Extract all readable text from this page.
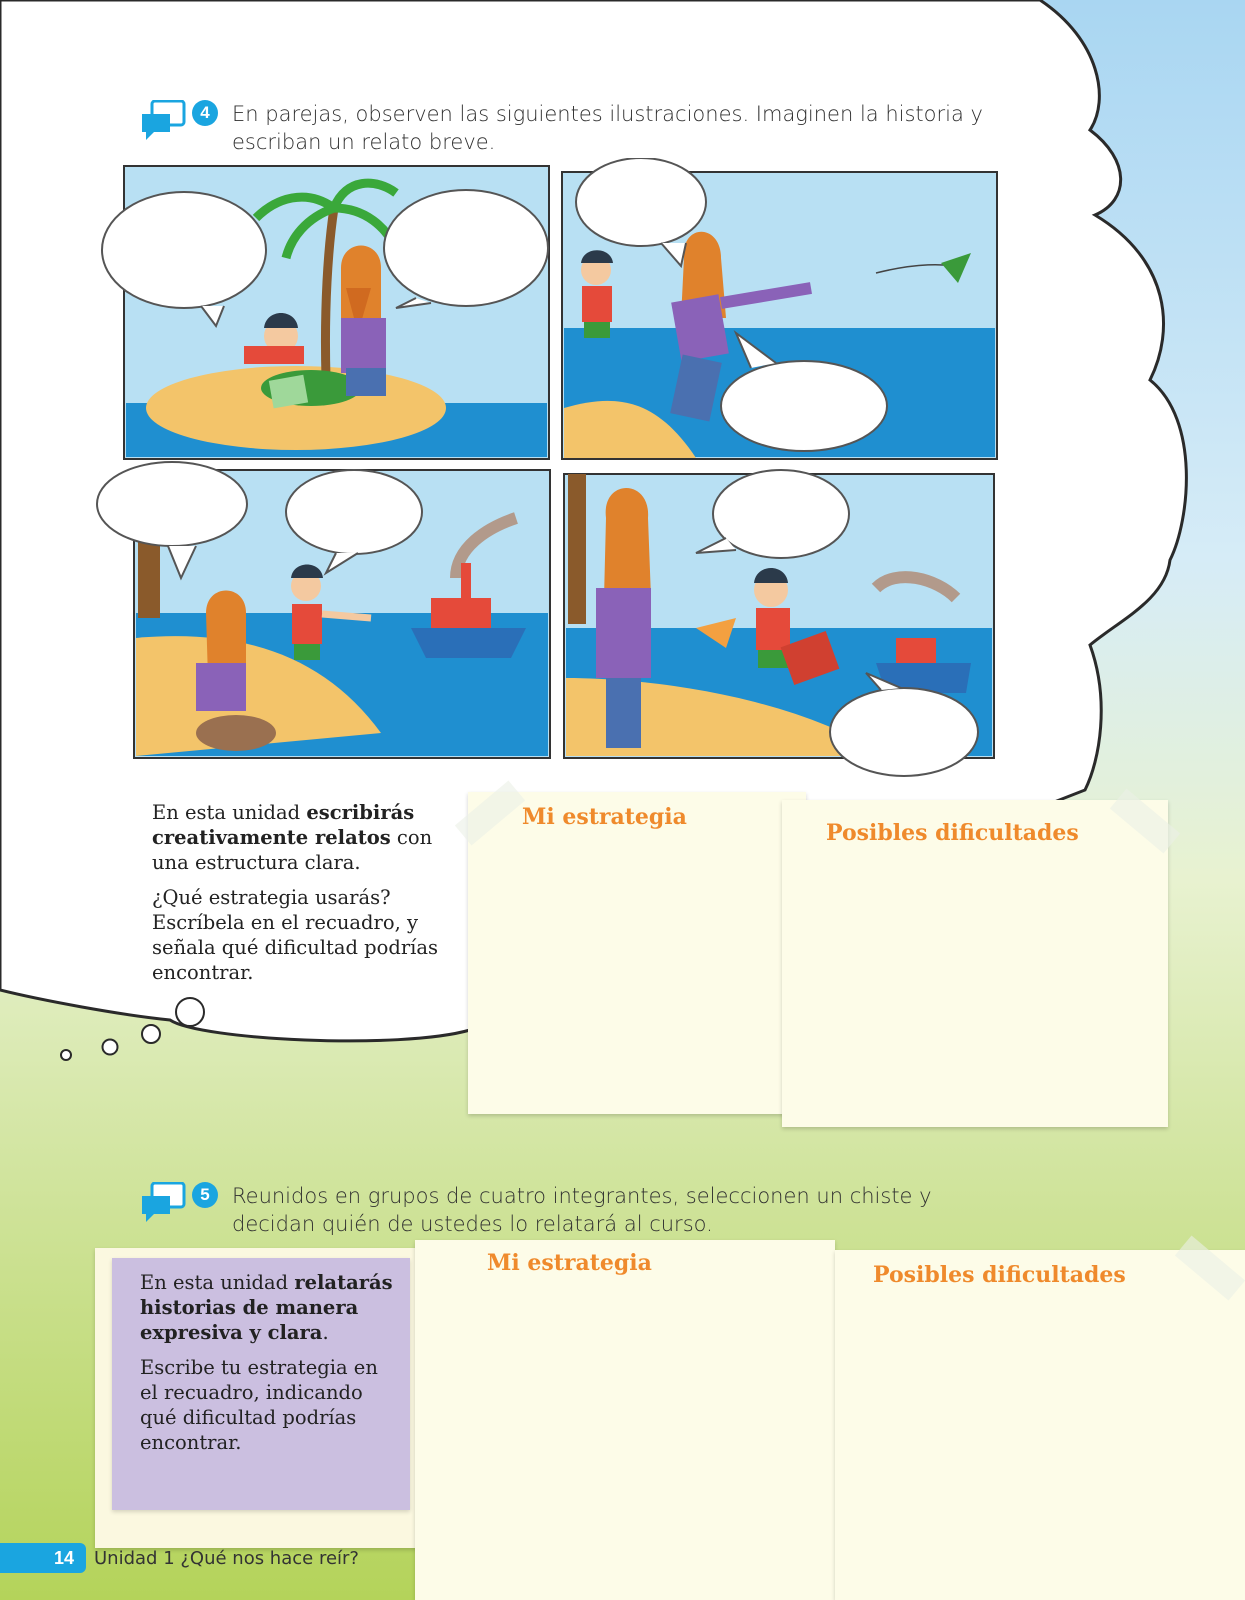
4	En parejas, observen las siguientes ilustraciones. Imaginen la historia y escriban un relato breve.

En esta unidad escribirás creativamente relatos con una estructura clara.

¿Qué estrategia usarás? Escríbela en el recuadro, y señala qué dificultad podrías encontrar.

Mi estrategia
Posibles dificultades
5	Reunidos en grupos de cuatro integrantes, seleccionen un chiste y decidan quién de ustedes lo relatará al curso.

En esta unidad relatarás historias de manera expresiva y clara.

Escribe tu estrategia en el recuadro, indicando qué dificultad podrías encontrar.

Mi estrategia	Posibles dificultades
14	Unidad 1 ¿Qué nos hace reír?
